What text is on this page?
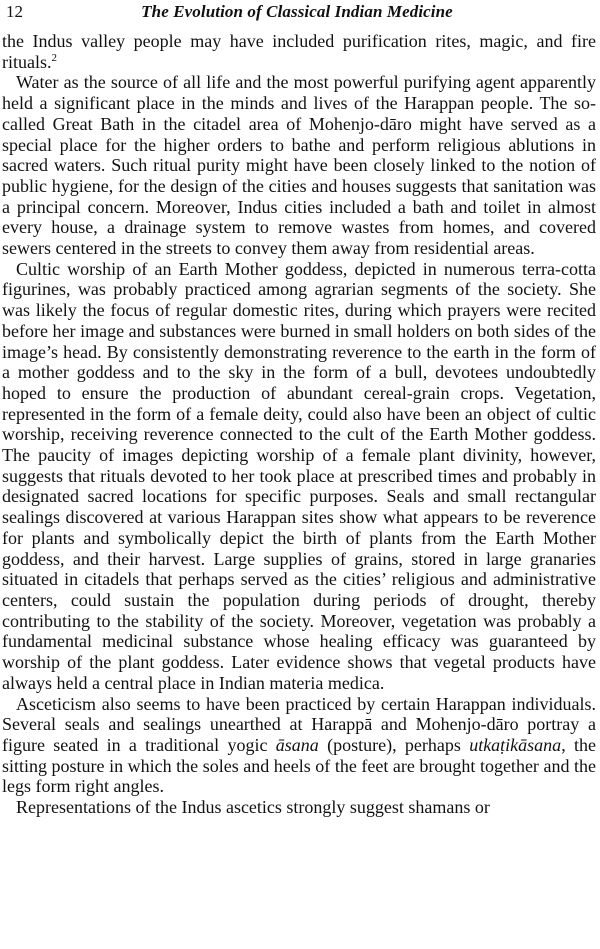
12	The Evolution of Classical Indian Medicine

the Indus valley people may have included purification rites, magic, and fire rituals.$^2$

Water as the source of all life and the most powerful purifying agent apparently held a significant place in the minds and lives of the Harappan people. The so-called Great Bath in the citadel area of Mohenjo-dāro might have served as a special place for the higher orders to bathe and perform religious ablutions in sacred waters. Such ritual purity might have been closely linked to the notion of public hygiene, for the design of the cities and houses suggests that sanitation was a principal concern. Moreover, Indus cities included a bath and toilet in almost every house, a drainage system to remove wastes from homes, and covered sewers centered in the streets to convey them away from residential areas.

Cultic worship of an Earth Mother goddess, depicted in numerous terra-cotta figurines, was probably practiced among agrarian segments of the society. She was likely the focus of regular domestic rites, during which prayers were recited before her image and substances were burned in small holders on both sides of the image’s head. By consistently demonstrating reverence to the earth in the form of a mother goddess and to the sky in the form of a bull, devotees undoubtedly hoped to ensure the production of abundant cereal-grain crops. Vegetation, represented in the form of a female deity, could also have been an object of cultic worship, receiving reverence connected to the cult of the Earth Mother goddess. The paucity of images depicting worship of a female plant divinity, however, suggests that rituals devoted to her took place at prescribed times and probably in designated sacred locations for specific purposes. Seals and small rectangular sealings discovered at various Harappan sites show what appears to be reverence for plants and symbolically depict the birth of plants from the Earth Mother goddess, and their harvest. Large supplies of grains, stored in large granaries situated in citadels that perhaps served as the cities’ religious and administrative centers, could sustain the population during periods of drought, thereby contributing to the stability of the society. Moreover, vegetation was probably a fundamental medicinal substance whose healing efficacy was guaranteed by worship of the plant goddess. Later evidence shows that vegetal products have always held a central place in Indian materia medica.

Asceticism also seems to have been practiced by certain Harappan individuals. Several seals and sealings unearthed at Harappā and Mohenjo-dāro portray a figure seated in a traditional yogic āsana (posture), perhaps utkaṭikāsana, the sitting posture in which the soles and heels of the feet are brought together and the legs form right angles.

Representations of the Indus ascetics strongly suggest shamans or
